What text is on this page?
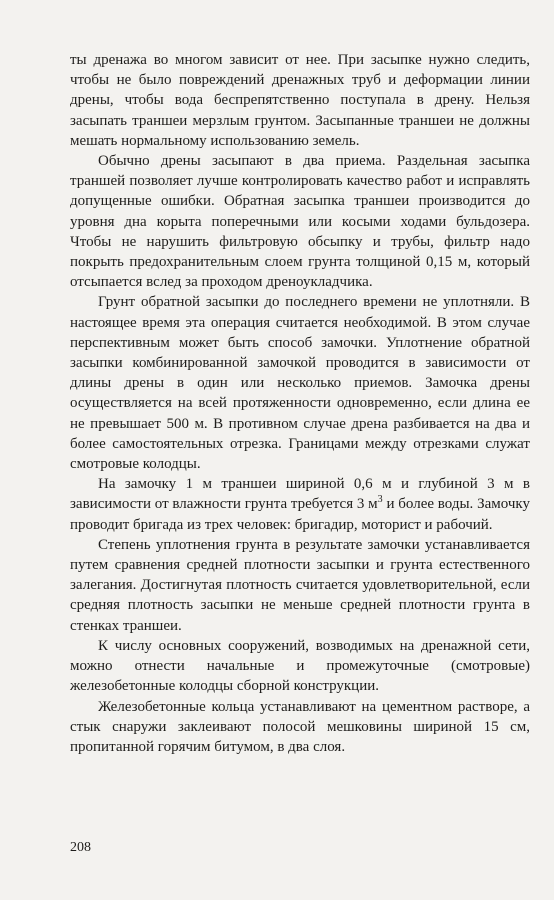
ты дренажа во многом зависит от нее. При засыпке нужно следить, чтобы не было повреждений дренажных труб и деформации линии дрены, чтобы вода беспрепятственно поступала в дрену. Нельзя засыпать траншеи мерзлым грунтом. Засыпанные траншеи не должны мешать нормальному использованию земель.

Обычно дрены засыпают в два приема. Раздельная засыпка траншей позволяет лучше контролировать качество работ и исправлять допущенные ошибки. Обратная засыпка траншеи производится до уровня дна корыта поперечными или косыми ходами бульдозера. Чтобы не нарушить фильтровую обсыпку и трубы, фильтр надо покрыть предохранительным слоем грунта толщиной 0,15 м, который отсыпается вслед за проходом дреноукладчика.

Грунт обратной засыпки до последнего времени не уплотняли. В настоящее время эта операция считается необходимой. В этом случае перспективным может быть способ замочки. Уплотнение обратной засыпки комбинированной замочкой проводится в зависимости от длины дрены в один или несколько приемов. Замочка дрены осуществляется на всей протяженности одновременно, если длина ее не превышает 500 м. В противном случае дрена разбивается на два и более самостоятельных отрезка. Границами между отрезками служат смотровые колодцы.

На замочку 1 м траншеи шириной 0,6 м и глубиной 3 м в зависимости от влажности грунта требуется 3 $м^3$ и более воды. Замочку проводит бригада из трех человек: бригадир, моторист и рабочий.

Степень уплотнения грунта в результате замочки устанавливается путем сравнения средней плотности засыпки и грунта естественного залегания. Достигнутая плотность считается удовлетворительной, если средняя плотность засыпки не меньше средней плотности грунта в стенках траншеи.

К числу основных сооружений, возводимых на дренажной сети, можно отнести начальные и промежуточные (смотровые) железобетонные колодцы сборной конструкции.

Железобетонные кольца устанавливают на цементном растворе, а стык снаружи заклеивают полосой мешковины шириной 15 см, пропитанной горячим битумом, в два слоя.

208
